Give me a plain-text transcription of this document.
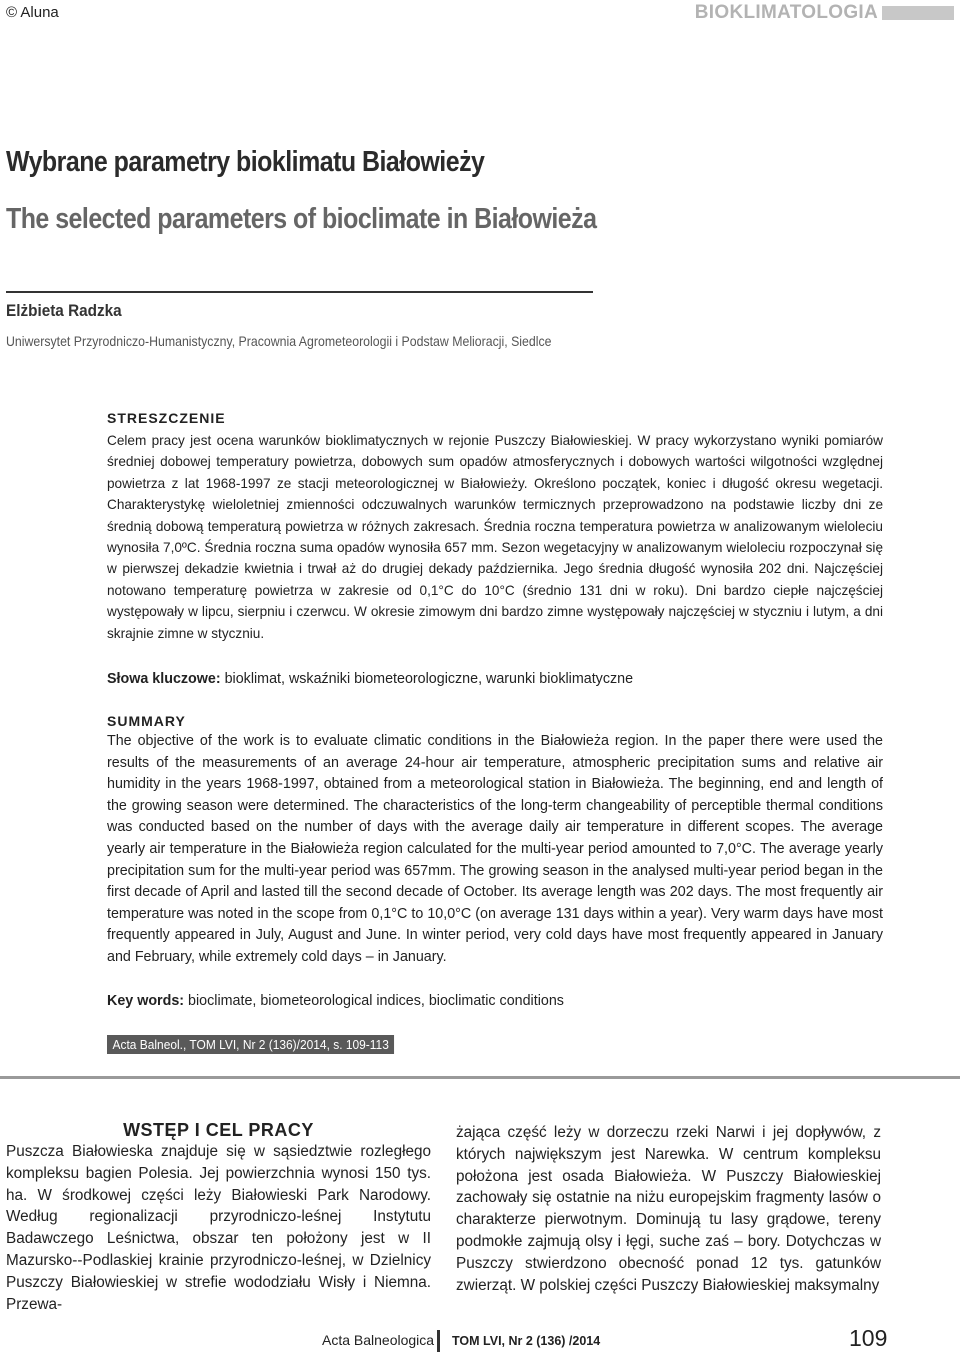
© Aluna	BIOKLIMATOLOGIA
Wybrane parametry bioklimatu Białowieży
The selected parameters of bioclimate in Białowieża
Elżbieta Radzka
Uniwersytet Przyrodniczo-Humanistyczny, Pracownia Agrometeorologii i Podstaw Melioracji, Siedlce
STRESZCZENIE

Celem pracy jest ocena warunków bioklimatycznych w rejonie Puszczy Białowieskiej. W pracy wykorzystano wyniki pomiarów średniej dobowej temperatury powietrza, dobowych sum opadów atmosferycznych i dobowych wartości wilgotności względnej powietrza z lat 1968-1997 ze stacji meteorologicznej w Białowieży. Określono początek, koniec i długość okresu wegetacji. Charakterystykę wieloletniej zmienności odczuwalnych warunków termicznych przeprowadzono na podstawie liczby dni ze średnią dobową temperaturą powietrza w różnych zakresach. Średnia roczna temperatura powietrza w analizowanym wieloleciu wynosiła 7,0ºC. Średnia roczna suma opadów wynosiła 657 mm. Sezon wegetacyjny w analizowanym wieloleciu rozpoczynał się w pierwszej dekadzie kwietnia i trwał aż do drugiej dekady października. Jego średnia długość wynosiła 202 dni. Najczęściej notowano temperaturę powietrza w zakresie od 0,1°C do 10°C (średnio 131 dni w roku). Dni bardzo ciepłe najczęściej występowały w lipcu, sierpniu i czerwcu. W okresie zimowym dni bardzo zimne występowały najczęściej w styczniu i lutym, a dni skrajnie zimne w styczniu.

Słowa kluczowe: bioklimat, wskaźniki biometeorologiczne, warunki bioklimatyczne
SUMMARY

The objective of the work is to evaluate climatic conditions in the Białowieża region. In the paper there were used the results of the measurements of an average 24-hour air temperature, atmospheric precipitation sums and relative air humidity in the years 1968-1997, obtained from a meteorological station in Białowieża. The beginning, end and length of the growing season were determined. The characteristics of the long-term changeability of perceptible thermal conditions was conducted based on the number of days with the average daily air temperature in different scopes. The average yearly air temperature in the Białowieża region calculated for the multi-year period amounted to 7,0°C. The average yearly precipitation sum for the multi-year period was 657mm. The growing season in the analysed multi-year period began in the first decade of April and lasted till the second decade of October. Its average length was 202 days. The most frequently air temperature was noted in the scope from 0,1°C to 10,0°C (on average 131 days within a year). Very warm days have most frequently appeared in July, August and June. In winter period, very cold days have most frequently appeared in January and February, while extremely cold days – in January.

Key words: bioclimate, biometeorological indices, bioclimatic conditions
Acta Balneol., TOM LVI, Nr 2 (136)/2014, s. 109-113
WSTĘP I CEL PRACY

Puszcza Białowieska znajduje się w sąsiedztwie rozległego kompleksu bagien Polesia. Jej powierzchnia wynosi 150 tys. ha. W środkowej części leży Białowieski Park Narodowy. Według regionalizacji przyrodniczo-leśnej Instytutu Badawczego Leśnictwa, obszar ten położony jest w II Mazursko--Podlaskiej krainie przyrodniczo-leśnej, w Dzielnicy Puszczy Białowieskiej w strefie wododziału Wisły i Niemna. Przewa-

żająca część leży w dorzeczu rzeki Narwi i jej dopływów, z których największym jest Narewka. W centrum kompleksu położona jest osada Białowieża. W Puszczy Białowieskiej zachowały się ostatnie na niżu europejskim fragmenty lasów o charakterze pierwotnym. Dominują tu lasy grądowe, tereny podmokłe zajmują olsy i łęgi, suche zaś – bory. Dotychczas w Puszczy stwierdzono obecność ponad 12 tys. gatunków zwierząt. W polskiej części Puszczy Białowieskiej maksymalny

Acta Balneologica TOM LVI, Nr 2 (136) /2014	109
